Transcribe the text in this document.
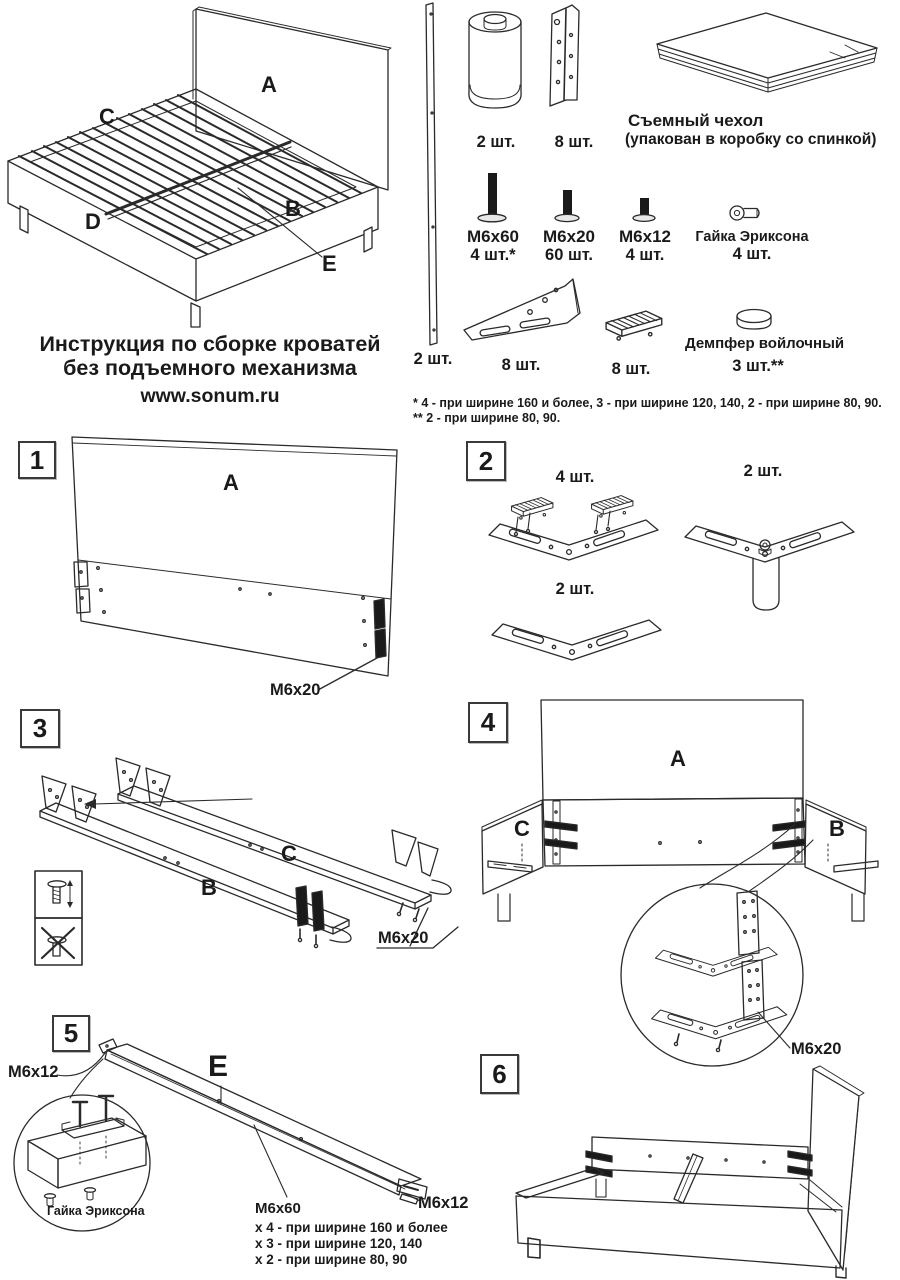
A
C
D
B
E
Инструкция по сборке кроватей
без подъемного механизма
www.sonum.ru
2 шт.
2 шт.	8 шт.
Съемный чехол
(упакован в коробку со спинкой)
M6x60
4 шт.*
M6x20
60 шт.
M6x12
4 шт.
Гайка Эриксона
4 шт.
8 шт.	8 шт.
Демпфер войлочный
3 шт.**
* 4 - при ширине 160 и более, 3 - при ширине 120, 140, 2 - при ширине 80, 90.
** 2 - при ширине 80, 90.
1	2
3	4
5
6
A
M6x20
4 шт.	2 шт.
2 шт.
B
C
M6x20
A
C	B
M6x20
M6x12	E
Гайка Эриксона	M6x60
x 4 - при ширине 160 и более
x 3 - при ширине 120, 140
x 2 - при ширине 80, 90
M6x12
